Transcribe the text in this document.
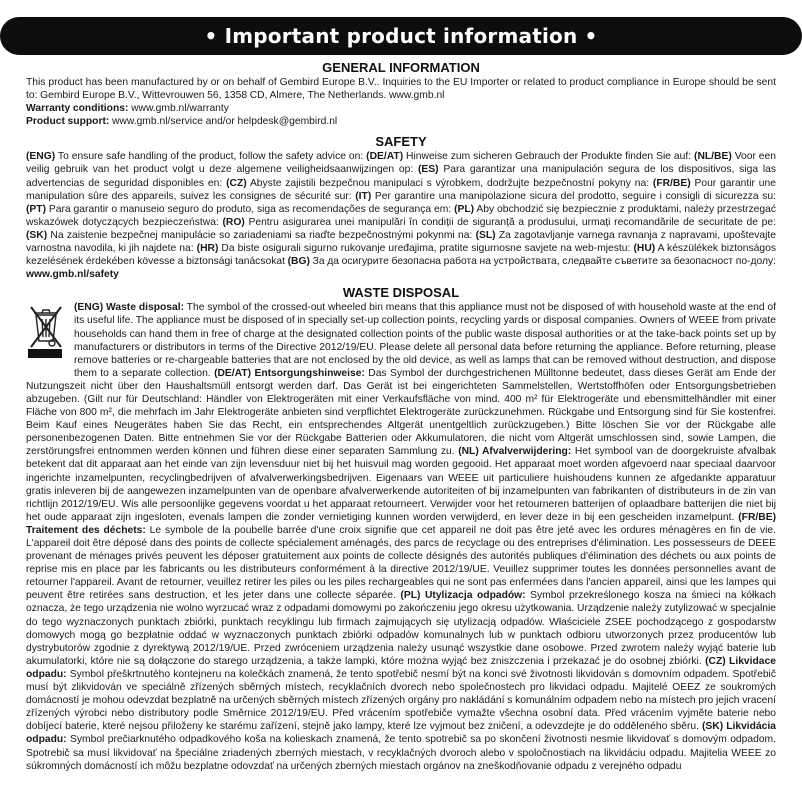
• Important product information •
GENERAL INFORMATION

This product has been manufactured by or on behalf of Gembird Europe B.V.. Inquiries to the EU Importer or related to product compliance in Europe should be sent to: Gembird Europe B.V., Wittevrouwen 56, 1358 CD, Almere, The Netherlands. www.gmb.nl

Warranty conditions: www.gmb.nl/warranty

Product support: www.gmb.nl/service and/or helpdesk@gembird.nl

SAFETY

(ENG) To ensure safe handling of the product, follow the safety advice on: (DE/AT) Hinweise zum sicheren Gebrauch der Produkte finden Sie auf: (NL/BE) Voor een veilig gebruik van het product volgt u deze algemene veiligheidsaanwijzingen op: (ES) Para garantizar una manipulación segura de los dispositivos, siga las advertencias de seguridad disponibles en: (CZ) Abyste zajistili bezpečnou manipulaci s výrobkem, dodržujte bezpečnostní pokyny na: (FR/BE) Pour garantir une manipulation sûre des appareils, suivez les consignes de sécurité sur: (IT) Per garantire una manipolazione sicura del prodotto, seguire i consigli di sicurezza su: (PT) Para garantir o manuseio seguro do produto, siga as recomendações de segurança em: (PL) Aby obchodzić się bezpiecznie z produktami, należy przestrzegać wskazówek dotyczących bezpieczeństwa: (RO) Pentru asigurarea unei manipulări în condiții de siguranță a produsului, urmați recomandările de securitate de pe: (SK) Na zaistenie bezpečnej manipulácie so zariadeniami sa riaďte bezpečnostnými pokynmi na: (SL) Za zagotavljanje varnega ravnanja z napravami, upoštevajte varnostna navodila, ki jih najdete na: (HR) Da biste osigurali sigurno rukovanje uređajima, pratite sigurnosne savjete na web-mjestu: (HU) A készülékek biztonságos kezelésének érdekében kövesse a biztonsági tanácsokat (BG) За да осигурите безопасна работа на устройствата, следвайте съветите за безопасност по-долу: www.gmb.nl/safety

WASTE DISPOSAL

(ENG) Waste disposal: The symbol of the crossed-out wheeled bin means that this appliance must not be disposed of with household waste at the end of its useful life. The appliance must be disposed of in specially set-up collection points, recycling yards or disposal companies. Owners of WEEE from private households can hand them in free of charge at the designated collection points of the public waste disposal authorities or at the take-back points set up by manufacturers or distributors in terms of the Directive 2012/19/EU. Please delete all personal data before returning the appliance. Before returning, please remove batteries or re-chargeable batteries that are not enclosed by the old device, as well as lamps that can be removed without destruction, and dispose them to a separate collection. (DE/AT) Entsorgungshinweise: Das Symbol der durchgestrichenen Mülltonne bedeutet, dass dieses Gerät am Ende der Nutzungszeit nicht über den Haushaltsmüll entsorgt werden darf. Das Gerät ist bei eingerichteten Sammelstellen, Wertstoffhöfen oder Entsorgungsbetrieben abzugeben. (Gilt nur für Deutschland: Händler von Elektrogeräten mit einer Verkaufsfläche von mind. 400 m² für Elektrogeräte und ebensmittelhändler mit einer Fläche von 800 m², die mehrfach im Jahr Elektrogeräte anbieten sind verpflichtet Elektrogeräte zurückzunehmen. Rückgabe und Entsorgung sind für Sie kostenfrei. Beim Kauf eines Neugerätes haben Sie das Recht, ein entsprechendes Altgerät unentgeltlich zurückzugeben.) Bitte löschen Sie vor der Rückgabe alle personenbezogenen Daten. Bitte entnehmen Sie vor der Rückgabe Batterien oder Akkumulatoren, die nicht vom Altgerät umschlossen sind, sowie Lampen, die zerstörungsfrei entnommen werden können und führen diese einer separaten Sammlung zu. (NL) Afvalverwijdering: Het symbool van de doorgekruiste afvalbak betekent dat dit apparaat aan het einde van zijn levensduur niet bij het huisvuil mag worden gegooid. Het apparaat moet worden afgevoerd naar speciaal daarvoor ingerichte inzamelpunten, recyclingbedrijven of afvalverwerkingsbedrijven. Eigenaars van WEEE uit particuliere huishoudens kunnen ze afgedankte apparatuur gratis inleveren bij de aangewezen inzamelpunten van de openbare afvalverwerkende autoriteiten of bij inzamelpunten van fabrikanten of distributeurs in de zin van richtlijn 2012/19/EU. Wis alle persoonlijke gegevens voordat u het apparaat retourneert. Verwijder voor het retourneren batterijen of oplaadbare batterijen die niet bij het oude apparaat zijn ingesloten, evenals lampen die zonder vernietiging kunnen worden verwijderd, en lever deze in bij een gescheiden inzamelpunt. (FR/BE) Traitement des déchets: Le symbole de la poubelle barrée d'une croix signifie que cet appareil ne doit pas être jeté avec les ordures ménagères en fin de vie. L'appareil doit être déposé dans des points de collecte spécialement aménagés, des parcs de recyclage ou des entreprises d'élimination. Les possesseurs de DEEE provenant de ménages privés peuvent les déposer gratuitement aux points de collecte désignés des autorités publiques d'élimination des déchets ou aux points de reprise mis en place par les fabricants ou les distributeurs conformément à la directive 2012/19/UE. Veuillez supprimer toutes les données personnelles avant de retourner l'appareil. Avant de retourner, veuillez retirer les piles ou les piles rechargeables qui ne sont pas enfermées dans l'ancien appareil, ainsi que les lampes qui peuvent être retirées sans destruction, et les jeter dans une collecte séparée. (PL) Utylizacja odpadów: Symbol przekreślonego kosza na śmieci na kółkach oznacza, że tego urządzenia nie wolno wyrzucać wraz z odpadami domowymi po zakończeniu jego okresu użytkowania. Urządzenie należy zutylizować w specjalnie do tego wyznaczonych punktach zbiórki, punktach recyklingu lub firmach zajmujących się utylizacją odpadów. Właściciele ZSEE pochodzącego z gospodarstw domowych mogą go bezpłatnie oddać w wyznaczonych punktach zbiórki odpadów komunalnych lub w punktach odbioru utworzonych przez producentów lub dystrybutorów zgodnie z dyrektywą 2012/19/UE. Przed zwróceniem urządzenia należy usunąć wszystkie dane osobowe. Przed zwrotem należy wyjąć baterie lub akumulatorki, które nie są dołączone do starego urządzenia, a także lampki, które można wyjąć bez zniszczenia i przekazać je do osobnej zbiórki. (CZ) Likvidace odpadu: Symbol přeškrtnutého kontejneru na kolečkách znamená, že tento spotřebič nesmí být na konci své životnosti likvidován s domovním odpadem. Spotřebič musí být zlikvidován ve speciálně zřízených sběrných místech, recyklačních dvorech nebo společnostech pro likvidaci odpadu. Majitelé OEEZ ze soukromých domácností je mohou odevzdat bezplatně na určených sběrných místech zřízených orgány pro nakládání s komunálním odpadem nebo na místech pro jejich vracení zřízených výrobci nebo distributory podle Směrnice 2012/19/EU. Před vrácením spotřebiče vymažte všechna osobní data. Před vrácením vyjměte baterie nebo dobíjecí baterie, které nejsou přiloženy ke starému zařízení, stejně jako lampy, které lze vyjmout bez zničení, a odevzdejte je do odděleného sběru. (SK) Likvidácia odpadu: Symbol prečiarknutého odpadkového koša na kolieskach znamená, že tento spotrebič sa po skončení životnosti nesmie likvidovať s domovým odpadom. Spotrebič sa musí likvidovať na špeciálne zriadených zberných miestach, v recyklačných dvoroch alebo v spoločnostiach na likvidáciu odpadu. Majitelia WEEE zo súkromných domácností ich môžu bezplatne odovzdať na určených zberných miestach orgánov na zneškodňovanie odpadu z verejného odpadu
